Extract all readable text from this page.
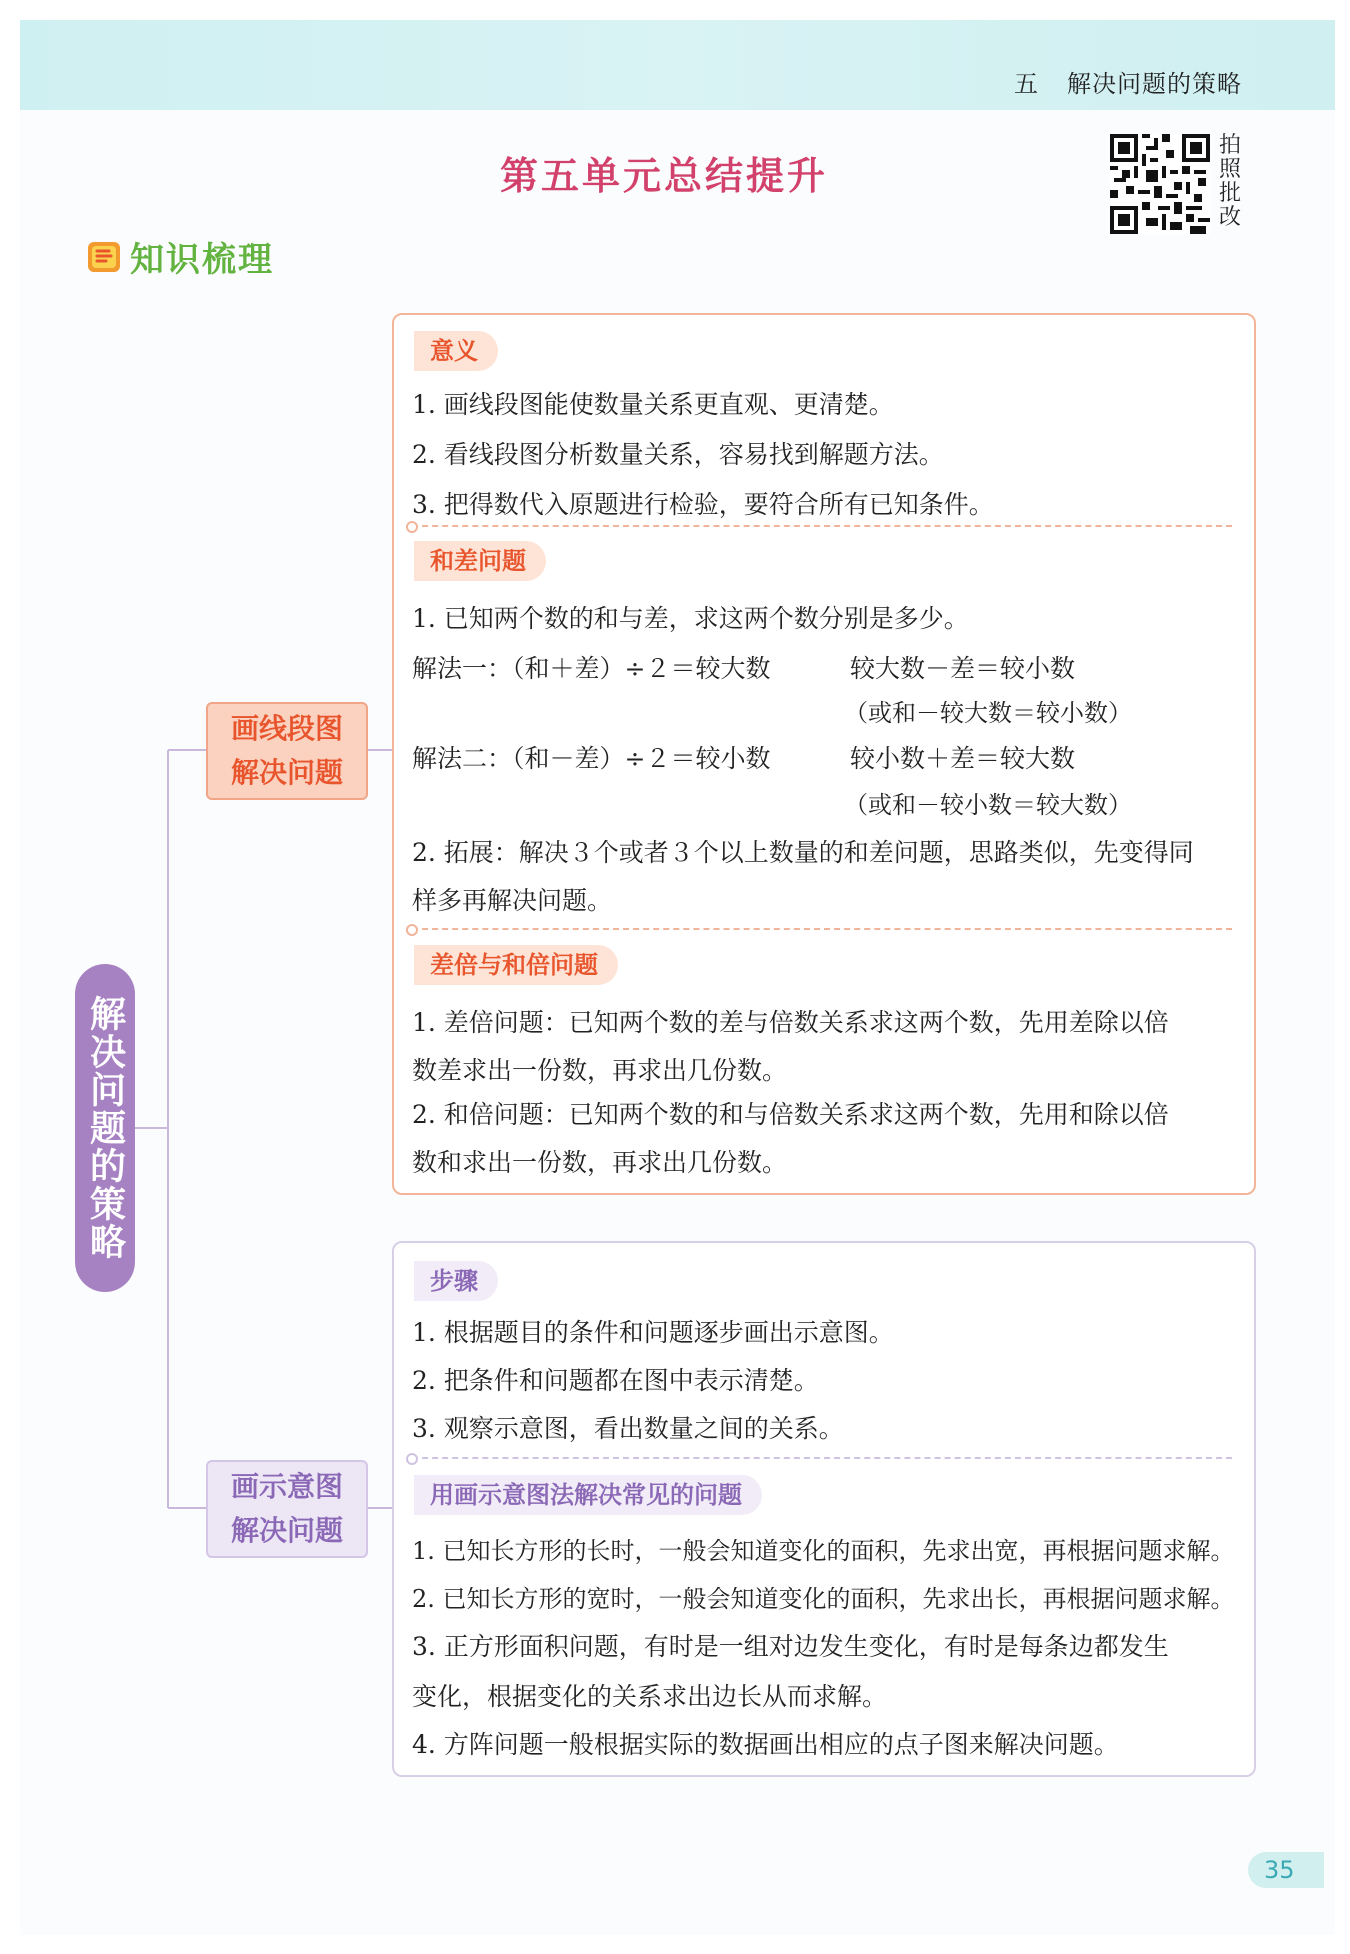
五 解决问题的策略
第五单元总结提升
拍照批改
知识梳理
解决问题的策略
画线段图
解决问题
画示意图
解决问题
意义
1. 画线段图能使数量关系更直观、更清楚。
2. 看线段图分析数量关系，容易找到解题方法。
3. 把得数代入原题进行检验，要符合所有已知条件。
和差问题
1. 已知两个数的和与差，求这两个数分别是多少。
解法一：（和＋差）÷２＝较大数	较大数－差＝较小数
（或和－较大数＝较小数）
解法二：（和－差）÷２＝较小数	较小数＋差＝较大数
（或和－较小数＝较大数）
2. 拓展：解决３个或者３个以上数量的和差问题，思路类似，先变得同
样多再解决问题。
差倍与和倍问题
1. 差倍问题：已知两个数的差与倍数关系求这两个数，先用差除以倍
数差求出一份数，再求出几份数。
2. 和倍问题：已知两个数的和与倍数关系求这两个数，先用和除以倍
数和求出一份数，再求出几份数。
步骤
1. 根据题目的条件和问题逐步画出示意图。
2. 把条件和问题都在图中表示清楚。
3. 观察示意图，看出数量之间的关系。
用画示意图法解决常见的问题
1. 已知长方形的长时，一般会知道变化的面积，先求出宽，再根据问题求解。
2. 已知长方形的宽时，一般会知道变化的面积，先求出长，再根据问题求解。
3. 正方形面积问题，有时是一组对边发生变化，有时是每条边都发生
变化，根据变化的关系求出边长从而求解。
4. 方阵问题一般根据实际的数据画出相应的点子图来解决问题。
35
